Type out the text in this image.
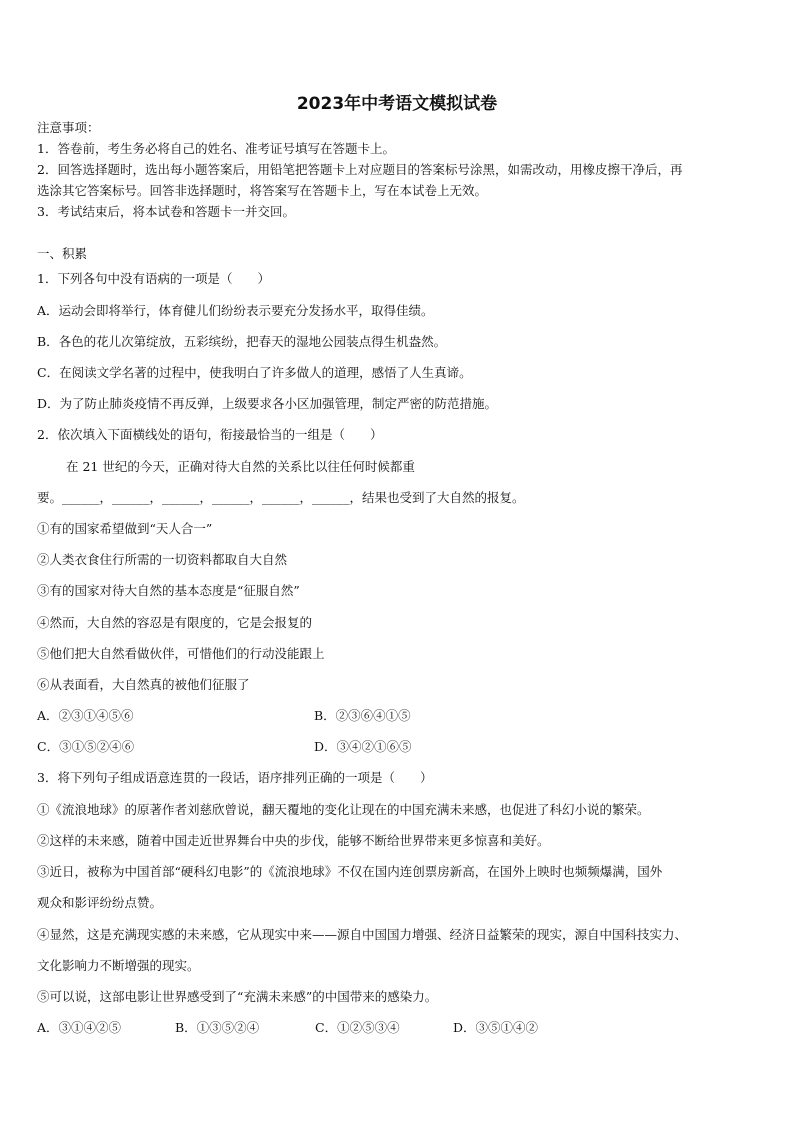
2023年中考语文模拟试卷
注意事项：
1．答卷前，考生务必将自己的姓名、准考证号填写在答题卡上。
2．回答选择题时，选出每小题答案后，用铅笔把答题卡上对应题目的答案标号涂黑，如需改动，用橡皮擦干净后，再
选涂其它答案标号。回答非选择题时，将答案写在答题卡上，写在本试卷上无效。
3．考试结束后，将本试卷和答题卡一并交回。
一、积累
1．下列各句中没有语病的一项是（　　）
A．运动会即将举行，体育健儿们纷纷表示要充分发扬水平，取得佳绩。
B．各色的花儿次第绽放，五彩缤纷，把春天的湿地公园装点得生机盎然。
C．在阅读文学名著的过程中，使我明白了许多做人的道理，感悟了人生真谛。
D．为了防止肺炎疫情不再反弹，上级要求各小区加强管理，制定严密的防范措施。
2．依次填入下面横线处的语句，衔接最恰当的一组是（　　）
在 21 世纪的今天，正确对待大自然的关系比以往任何时候都重
要。______，______，______，______，______，______，结果也受到了大自然的报复。
①有的国家希望做到“天人合一”
②人类衣食住行所需的一切资料都取自大自然
③有的国家对待大自然的基本态度是“征服自然”
④然而，大自然的容忍是有限度的，它是会报复的
⑤他们把大自然看做伙伴，可惜他们的行动没能跟上
⑥从表面看，大自然真的被他们征服了
A．②③①④⑤⑥	B．②③⑥④①⑤
C．③①⑤②④⑥	D．③④②①⑥⑤
3．将下列句子组成语意连贯的一段话，语序排列正确的一项是（　　）
①《流浪地球》的原著作者刘慈欣曾说，翻天覆地的变化让现在的中国充满未来感，也促进了科幻小说的繁荣。
②这样的未来感，随着中国走近世界舞台中央的步伐，能够不断给世界带来更多惊喜和美好。
③近日，被称为中国首部“硬科幻电影”的《流浪地球》不仅在国内连创票房新高，在国外上映时也频频爆满，国外
观众和影评纷纷点赞。
④显然，这是充满现实感的未来感，它从现实中来——源自中国国力增强、经济日益繁荣的现实，源自中国科技实力、
文化影响力不断增强的现实。
⑤可以说，这部电影让世界感受到了“充满未来感”的中国带来的感染力。
A．③①④②⑤	B．①③⑤②④	C．①②⑤③④	D．③⑤①④②
